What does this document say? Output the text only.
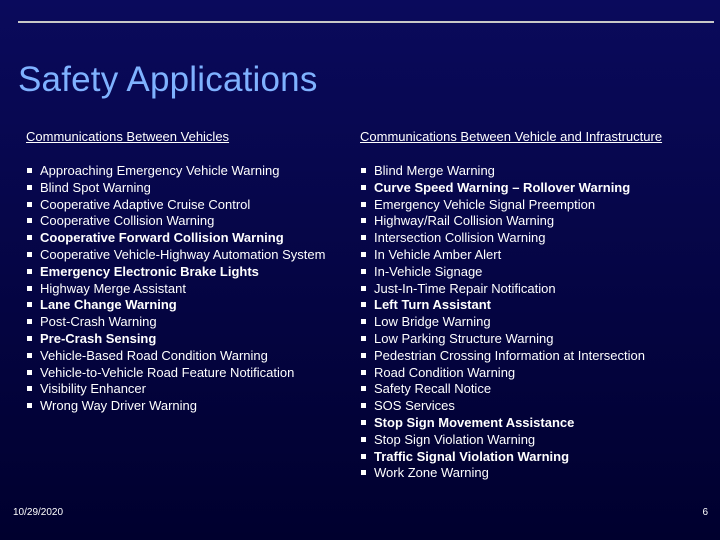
Safety Applications
Communications Between Vehicles	Communications Between Vehicle and Infrastructure
Approaching Emergency Vehicle Warning
Blind Spot Warning
Cooperative Adaptive Cruise Control
Cooperative Collision Warning
Cooperative Forward Collision Warning
Cooperative Vehicle-Highway Automation System
Emergency Electronic Brake Lights
Highway Merge Assistant
Lane Change Warning
Post-Crash Warning
Pre-Crash Sensing
Vehicle-Based Road Condition Warning
Vehicle-to-Vehicle Road Feature Notification
Visibility Enhancer
Wrong Way Driver Warning
Blind Merge Warning
Curve Speed Warning – Rollover Warning
Emergency Vehicle Signal Preemption
Highway/Rail Collision Warning
Intersection Collision Warning
In Vehicle Amber Alert
In-Vehicle Signage
Just-In-Time Repair Notification
Left Turn Assistant
Low Bridge Warning
Low Parking Structure Warning
Pedestrian Crossing Information at Intersection
Road Condition Warning
Safety Recall Notice
SOS Services
Stop Sign Movement Assistance
Stop Sign Violation Warning
Traffic Signal Violation Warning
Work Zone Warning
10/29/2020	6
